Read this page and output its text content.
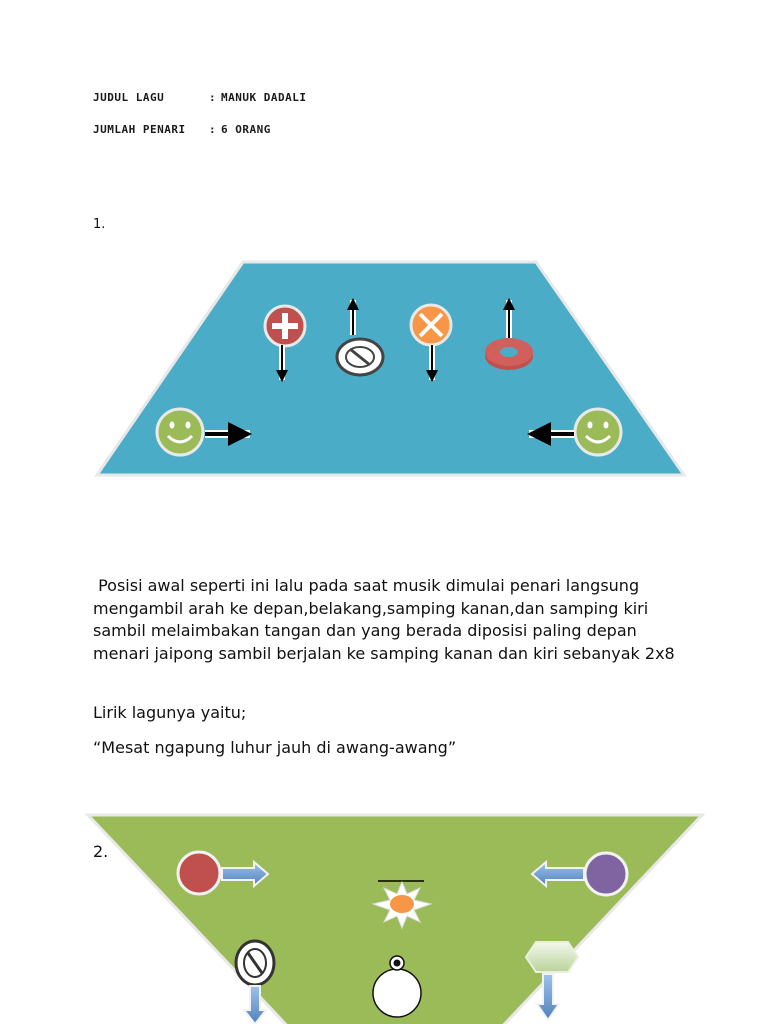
JUDUL LAGU	: MANUK DADALI
JUMLAH PENARI : 6 ORANG
1.
Posisi awal seperti ini lalu pada saat musik dimulai penari langsung mengambil arah ke depan,belakang,samping kanan,dan samping kiri sambil melaimbakan tangan dan yang berada diposisi paling depan menari jaipong sambil berjalan ke samping kanan dan kiri sebanyak 2x8
Lirik lagunya yaitu;
“Mesat ngapung luhur jauh di awang-awang”
2.
